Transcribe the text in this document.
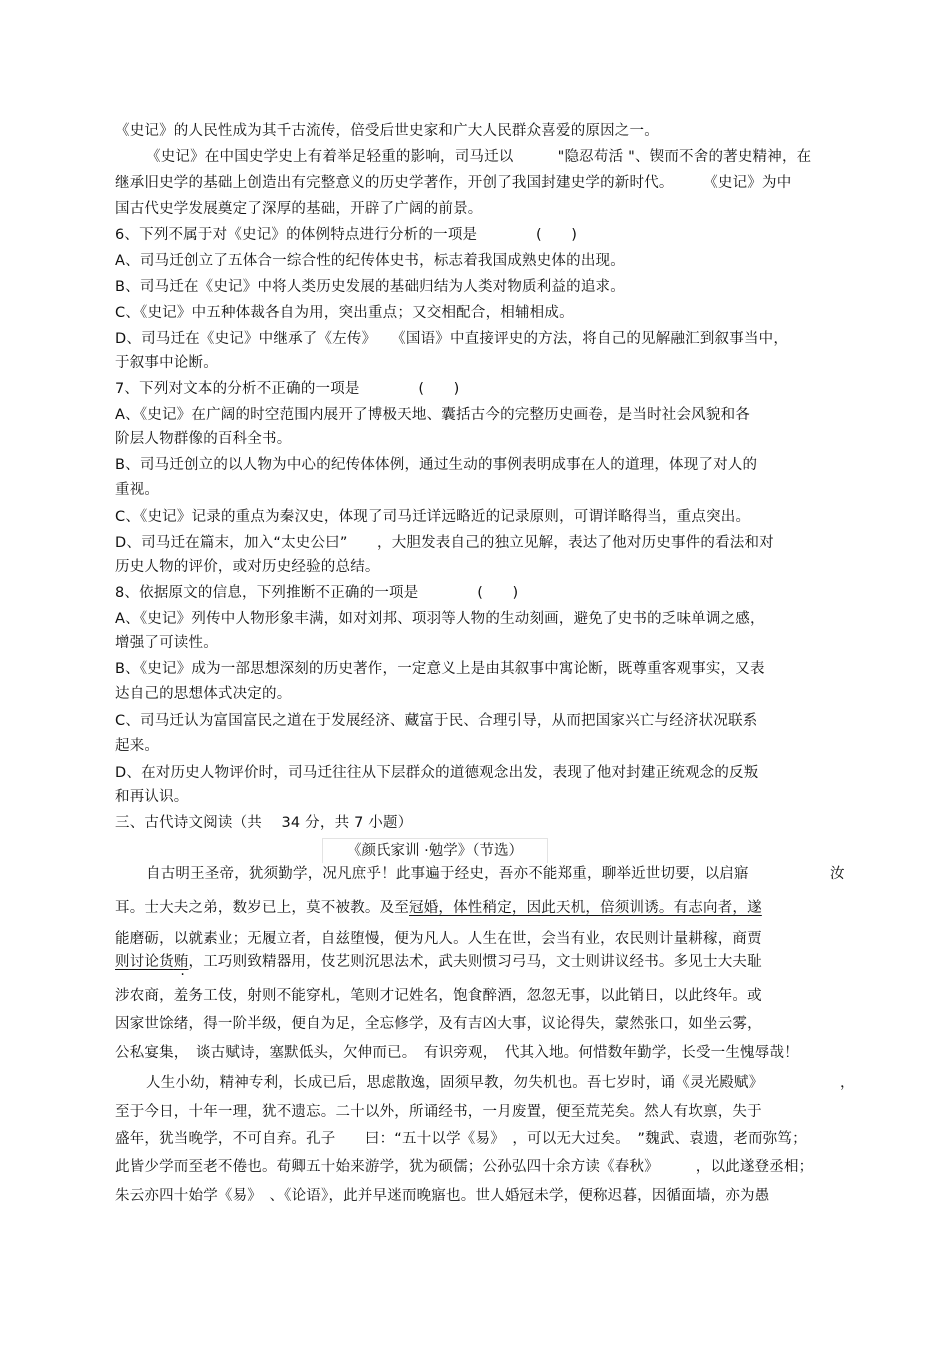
《史记》的人民性成为其千古流传，倍受后世史家和广大人民群众喜爱的原因之一。
《史记》在中国史学史上有着举足轻重的影响，司马迁以　　　"隐忍苟活 "、锲而不舍的著史精神，在
继承旧史学的基础上创造出有完整意义的历史学著作，开创了我国封建史学的新时代。　　　《史记》为中
国古代史学发展奠定了深厚的基础，开辟了广阔的前景。
6、下列不属于对《史记》的体例特点进行分析的一项是　　　　(　　)
A、司马迁创立了五体合一综合性的纪传体史书，标志着我国成熟史体的出现。
B、司马迁在《史记》中将人类历史发展的基础归结为人类对物质利益的追求。
C、《史记》中五种体裁各自为用，突出重点；又交相配合，相辅相成。
D、司马迁在《史记》中继承了《左传》　　《国语》中直接评史的方法，将自己的见解融汇到叙事当中，
于叙事中论断。
7、下列对文本的分析不正确的一项是　　　　(　　)
A、《史记》在广阔的时空范围内展开了博极天地、囊括古今的完整历史画卷，是当时社会风貌和各
阶层人物群像的百科全书。
B、司马迁创立的以人物为中心的纪传体体例，通过生动的事例表明成事在人的道理，体现了对人的
重视。
C、《史记》记录的重点为秦汉史，体现了司马迁详远略近的记录原则，可谓详略得当，重点突出。
D、司马迁在篇末，加入“太史公曰”　　，大胆发表自己的独立见解，表达了他对历史事件的看法和对
历史人物的评价，或对历史经验的总结。
8、依据原文的信息，下列推断不正确的一项是　　　　(　　)
A、《史记》列传中人物形象丰满，如对刘邦、项羽等人物的生动刻画，避免了史书的乏味单调之感，
增强了可读性。
B、《史记》成为一部思想深刻的历史著作，一定意义上是由其叙事中寓论断，既尊重客观事实，又表
达自己的思想体式决定的。
C、司马迁认为富国富民之道在于发展经济、藏富于民、合理引导，从而把国家兴亡与经济状况联系
起来。
D、在对历史人物评价时，司马迁往往从下层群众的道德观念出发，表现了他对封建正统观念的反叛
和再认识。
三、古代诗文阅读（共　 34 分，共 7 小题）
《颜氏家训 ·勉学》（节选）
自古明王圣帝，犹须勤学，况凡庶乎！此事遍于经史，吾亦不能郑重，聊举近世切要，以启寤	汝
耳。士大夫之弟，数岁已上，莫不被教。及至冠婚，体性稍定，因此天机，倍须训诱。有志向者，遂
能磨砺，以就素业；无履立者，自兹堕慢，便为凡人。人生在世，会当有业，农民则计量耕稼，商贾
则讨论货贿，工巧则致精器用，伎艺则沉思法术，武夫则惯习弓马，文士则讲议经书。多见士大夫耻
涉农商，羞务工伎，射则不能穿札，笔则才记姓名，饱食醉酒，忽忽无事，以此销日，以此终年。或
因家世馀绪，得一阶半级，便自为足，全忘修学，及有吉凶大事，议论得失，蒙然张口，如坐云雾，
公私宴集，　谈古赋诗，塞默低头，欠伸而已。　有识旁观，　代其入地。何惜数年勤学，长受一生愧辱哉！
人生小幼，精神专利，长成已后，思虑散逸，固须早教，勿失机也。吾七岁时，诵《灵光殿赋》	，
至于今日，十年一理，犹不遗忘。二十以外，所诵经书，一月废置，便至荒芜矣。然人有坎禀，失于
盛年，犹当晚学，不可自弃。孔子　　曰：“五十以学《易》　，可以无大过矣。　”魏武、袁遗，老而弥笃；
此皆少学而至老不倦也。荀卿五十始来游学，犹为硕儒；公孙弘四十余方读《春秋》　　　，以此遂登丞相；
朱云亦四十始学《易》　、《论语》，此并早迷而晚寤也。世人婚冠未学，便称迟暮，因循面墙，亦为愚
